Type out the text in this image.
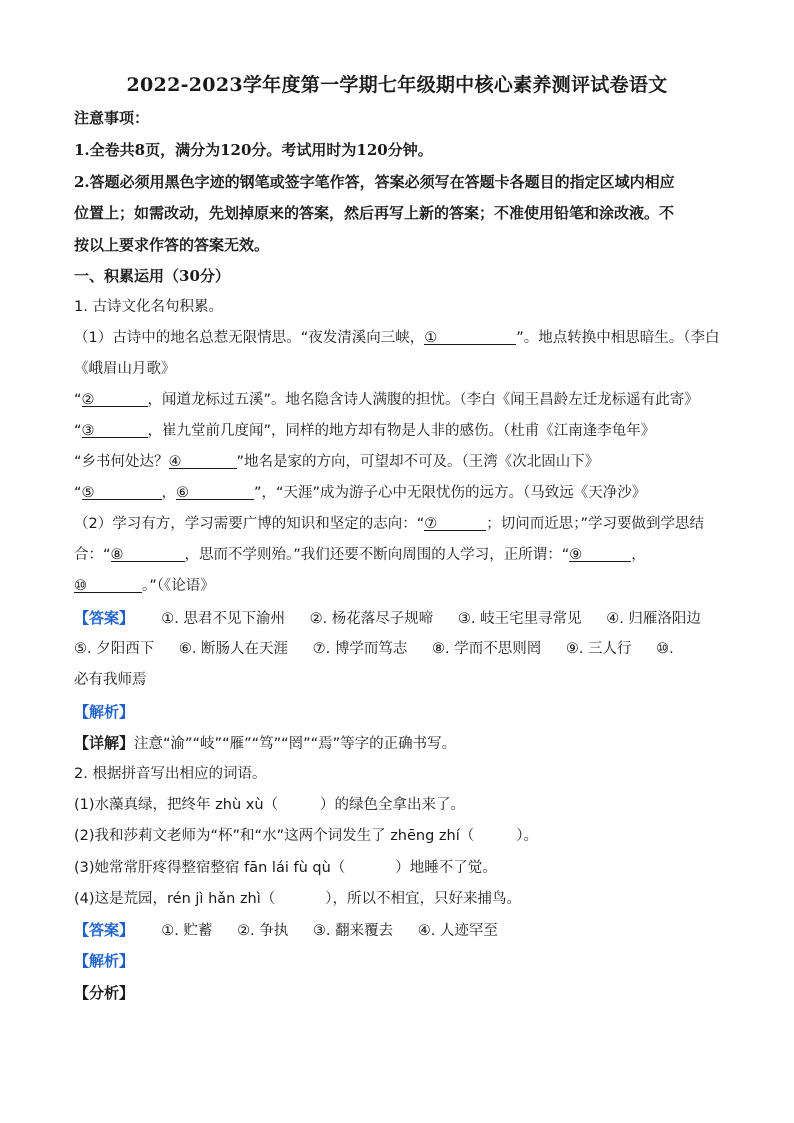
2022-2023学年度第一学期七年级期中核心素养测评试卷语文
注意事项：
1.全卷共8页，满分为120分。考试用时为120分钟。
2.答题必须用黑色字迹的钢笔或签字笔作答，答案必须写在答题卡各题目的指定区域内相应
位置上；如需改动，先划掉原来的答案，然后再写上新的答案；不准使用铅笔和涂改液。不
按以上要求作答的答案无效。
一、积累运用（30分）
1. 古诗文化名句积累。
（1）古诗中的地名总惹无限情思。“夜发清溪向三峡，①	”。地点转换中相思暗生。（李白
《峨眉山月歌》
“②	，闻道龙标过五溪”。地名隐含诗人满腹的担忧。（李白《闻王昌龄左迁龙标遥有此寄》
“③	，崔九堂前几度闻”，同样的地方却有物是人非的感伤。（杜甫《江南逢李龟年》
“乡书何处达？④	”地名是家的方向，可望却不可及。（王湾《次北固山下》
“⑤	，⑥	”，“天涯”成为游子心中无限忧伤的远方。（马致远《天净沙》
（2）学习有方，学习需要广博的知识和坚定的志向：“⑦	；切问而近思；”学习要做到学思结
合：“⑧	，思而不学则殆。”我们还要不断向周围的人学习，正所谓：“⑨	，
⑩	。”（《论语》
【答案】 ①. 思君不见下渝州 ②. 杨花落尽子规啼 ③. 岐王宅里寻常见 ④. 归雁洛阳边
⑤. 夕阳西下 ⑥. 断肠人在天涯 ⑦. 博学而笃志 ⑧. 学而不思则罔 ⑨. 三人行 ⑩.
必有我师焉
【解析】
【详解】注意“渝”“岐”“雁”“笃”“罔”“焉”等字的正确书写。
2. 根据拼音写出相应的词语。
(1)水藻真绿，把终年 zhù xù（	）的绿色全拿出来了。
(2)我和莎莉文老师为“杯”和“水”这两个词发生了 zhēng zhí（	）。
(3)她常常肝疼得整宿整宿 fān lái fù qù（	）地睡不了觉。
(4)这是荒园，rén jì hǎn zhì（	），所以不相宜，只好来捕鸟。
【答案】 ①. 贮蓄 ②. 争执 ③. 翻来覆去 ④. 人迹罕至
【解析】
【分析】
